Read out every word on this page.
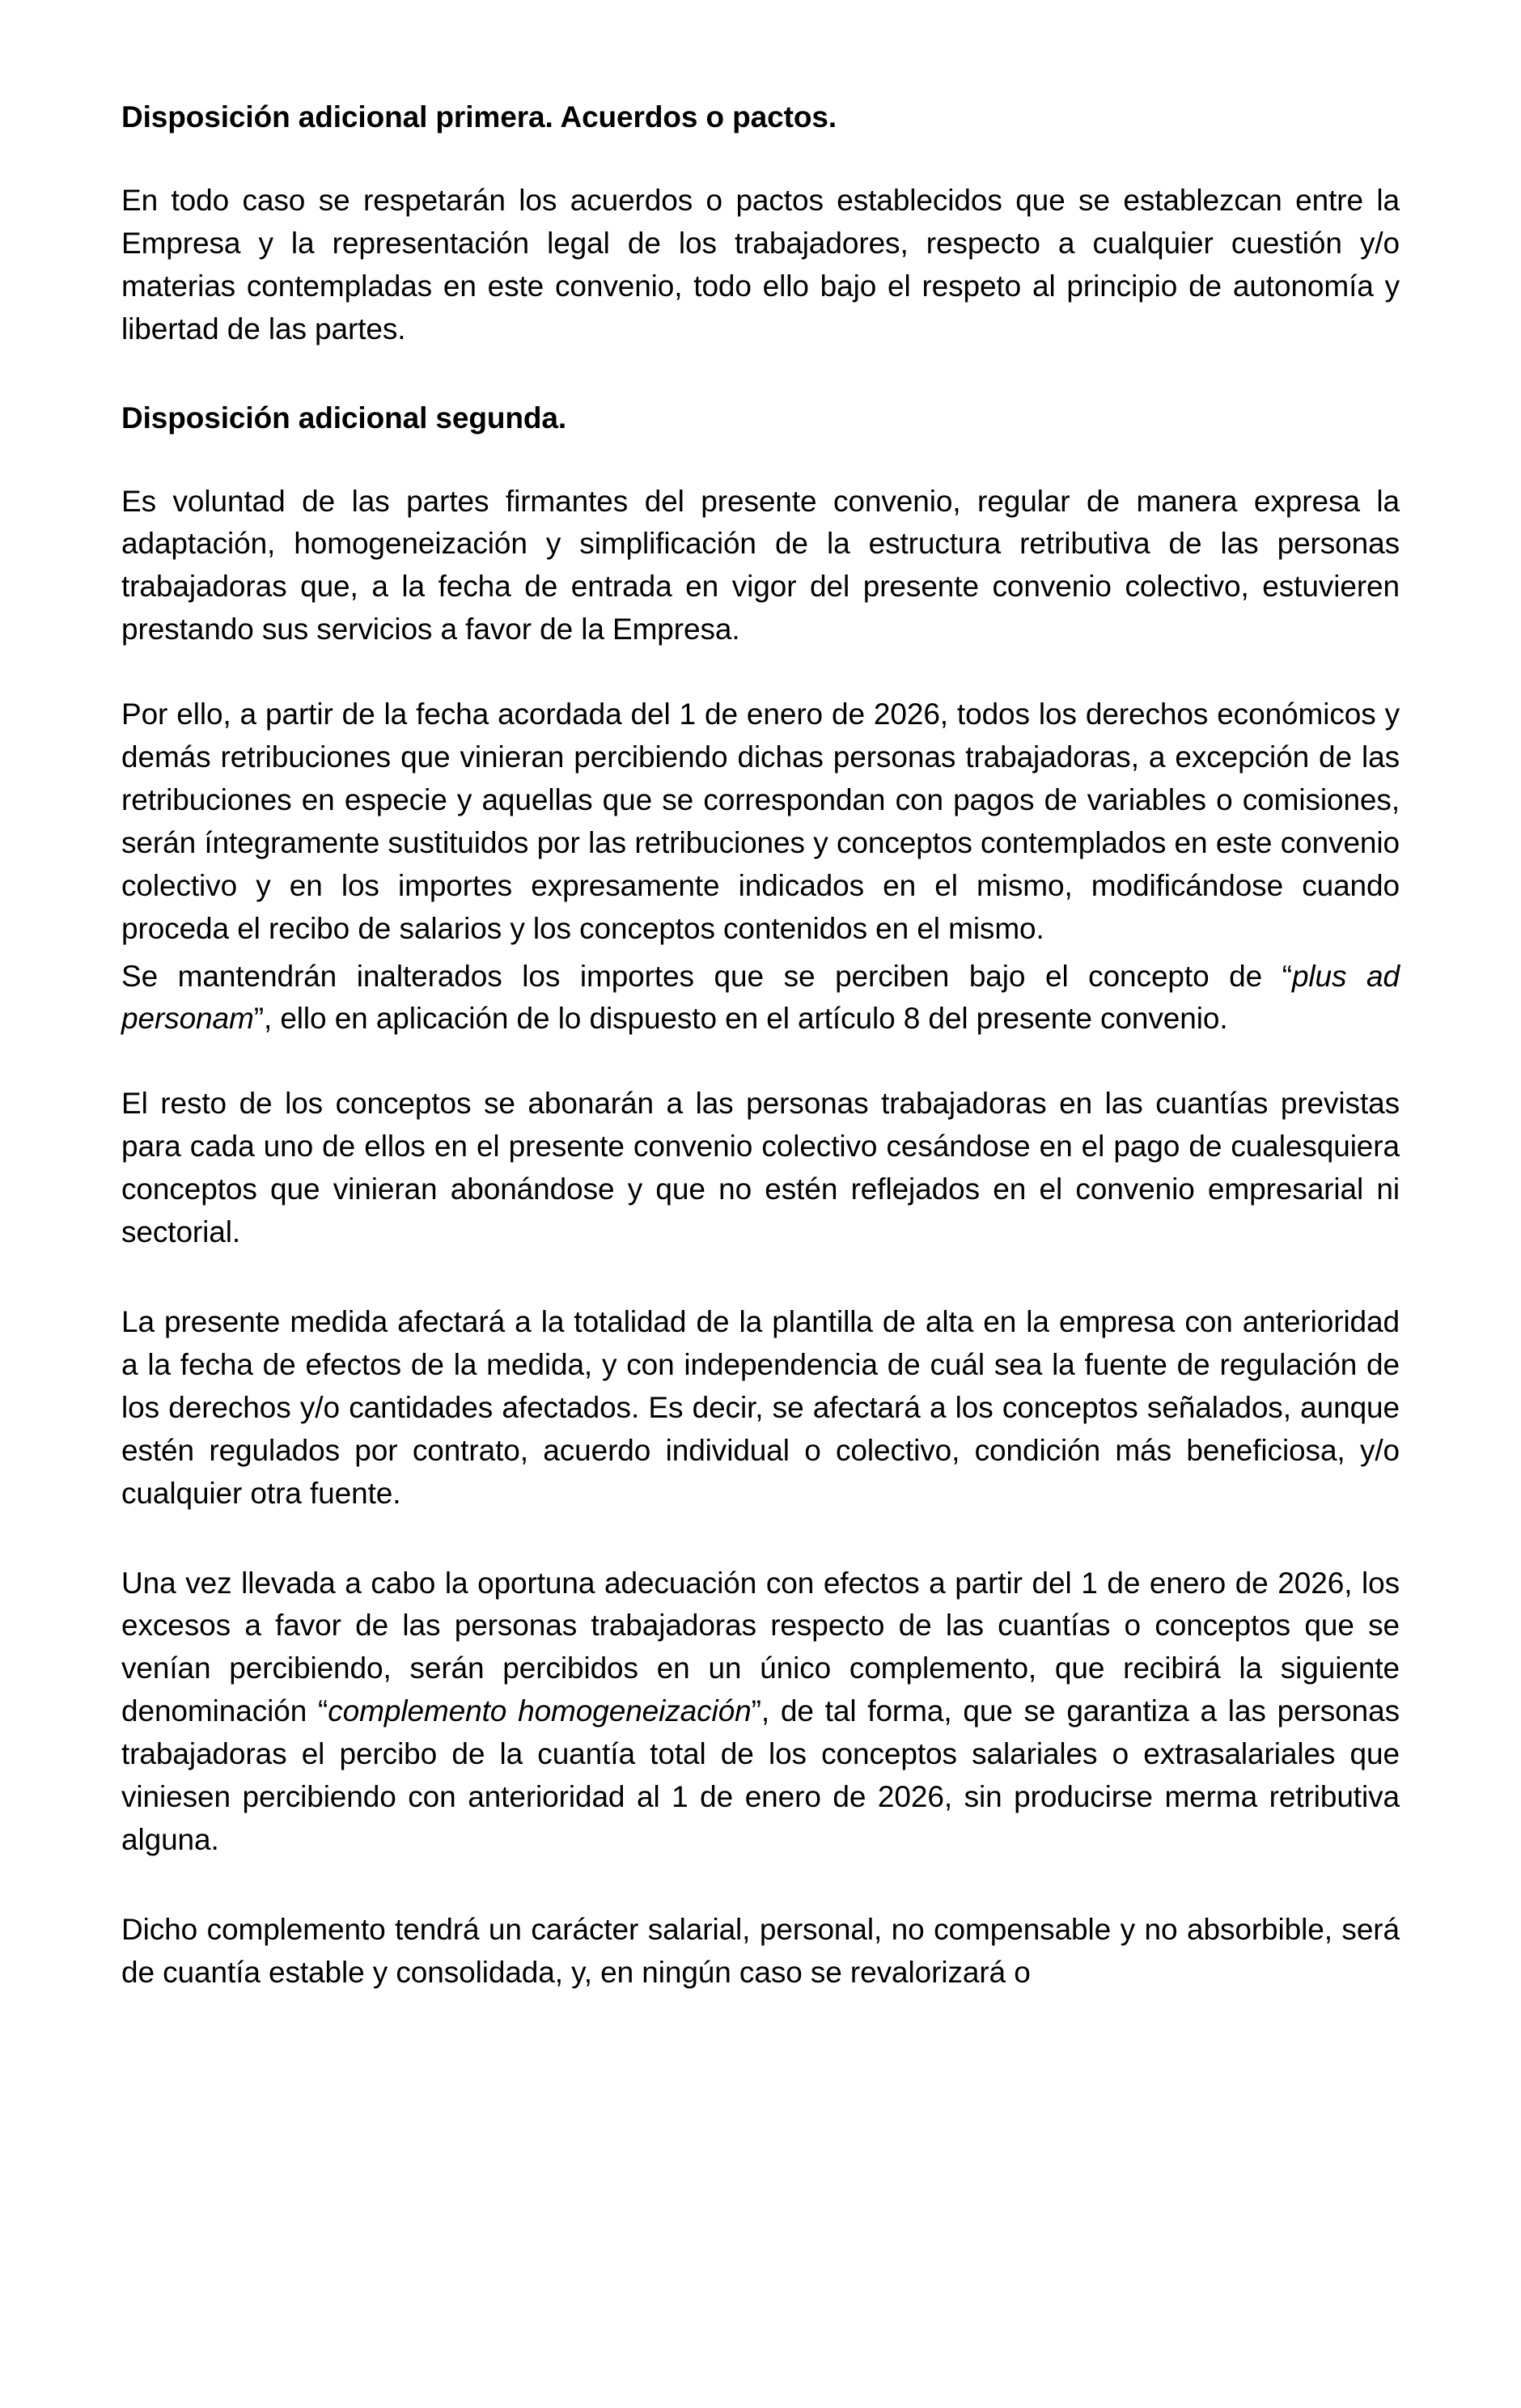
Disposición adicional primera. Acuerdos o pactos.

En todo caso se respetarán los acuerdos o pactos establecidos que se establezcan entre la Empresa y la representación legal de los trabajadores, respecto a cualquier cuestión y/o materias contempladas en este convenio, todo ello bajo el respeto al principio de autonomía y libertad de las partes.

Disposición adicional segunda.

Es voluntad de las partes firmantes del presente convenio, regular de manera expresa la adaptación, homogeneización y simplificación de la estructura retributiva de las personas trabajadoras que, a la fecha de entrada en vigor del presente convenio colectivo, estuvieren prestando sus servicios a favor de la Empresa.

Por ello, a partir de la fecha acordada del 1 de enero de 2026, todos los derechos económicos y demás retribuciones que vinieran percibiendo dichas personas trabajadoras, a excepción de las retribuciones en especie y aquellas que se correspondan con pagos de variables o comisiones, serán íntegramente sustituidos por las retribuciones y conceptos contemplados en este convenio colectivo y en los importes expresamente indicados en el mismo, modificándose cuando proceda el recibo de salarios y los conceptos contenidos en el mismo.

Se mantendrán inalterados los importes que se perciben bajo el concepto de “plus ad personam”, ello en aplicación de lo dispuesto en el artículo 8 del presente convenio.

El resto de los conceptos se abonarán a las personas trabajadoras en las cuantías previstas para cada uno de ellos en el presente convenio colectivo cesándose en el pago de cualesquiera conceptos que vinieran abonándose y que no estén reflejados en el convenio empresarial ni sectorial.

La presente medida afectará a la totalidad de la plantilla de alta en la empresa con anterioridad a la fecha de efectos de la medida, y con independencia de cuál sea la fuente de regulación de los derechos y/o cantidades afectados. Es decir, se afectará a los conceptos señalados, aunque estén regulados por contrato, acuerdo individual o colectivo, condición más beneficiosa, y/o cualquier otra fuente.

Una vez llevada a cabo la oportuna adecuación con efectos a partir del 1 de enero de 2026, los excesos a favor de las personas trabajadoras respecto de las cuantías o conceptos que se venían percibiendo, serán percibidos en un único complemento, que recibirá la siguiente denominación “complemento homogeneización”, de tal forma, que se garantiza a las personas trabajadoras el percibo de la cuantía total de los conceptos salariales o extrasalariales que viniesen percibiendo con anterioridad al 1 de enero de 2026, sin producirse merma retributiva alguna.

Dicho complemento tendrá un carácter salarial, personal, no compensable y no absorbible, será de cuantía estable y consolidada, y, en ningún caso se revalorizará o
